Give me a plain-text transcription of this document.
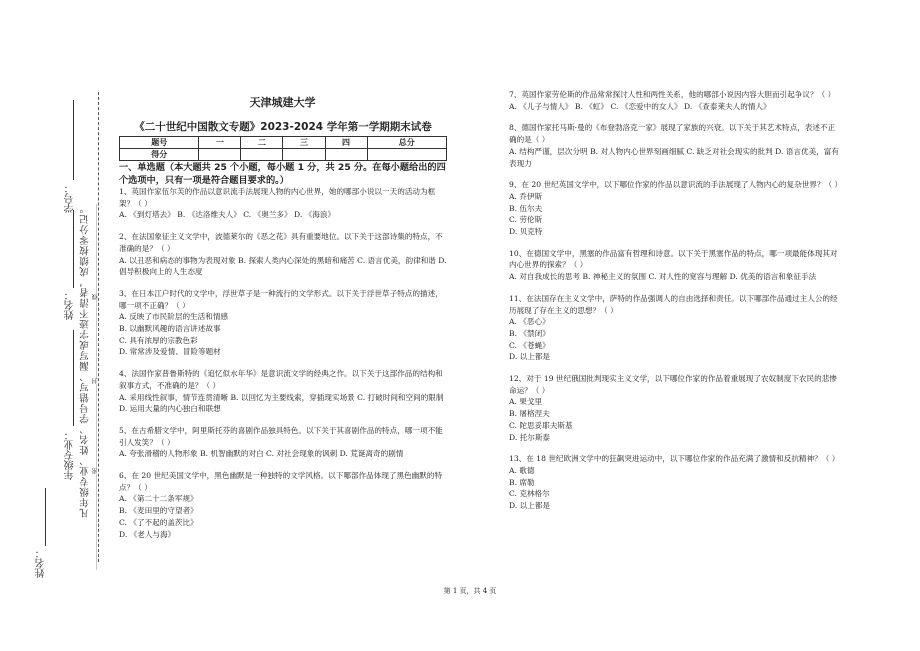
…………………………………………密……………………………………封…………………………………线………………………………………
凡年级专业、姓名、学号错写、漏写或字迹不清者，成绩按零分记。
学号：
姓名：
年级专业：
姓名：
天津城建大学
《二十世纪中国散文专题》2023-2024 学年第一学期期末试卷
题号	一	二	三	四	总分
得分					
一、单选题（本大题共 25 个小题，每小题 1 分，共 25 分。在每小题给出的四个选项中，只有一项是符合题目要求的。）

1、英国作家伍尔芙的作品以意识流手法展现人物的内心世界，她的哪部小说以一天的活动为框架？（ ）

A. 《到灯塔去》 B. 《达洛维夫人》 C. 《奥兰多》 D. 《海浪》

2、在法国象征主义文学中，波德莱尔的《恶之花》具有重要地位。以下关于这部诗集的特点，不准确的是？（ ）

A. 以丑恶和病态的事物为表现对象 B. 探索人类内心深处的黑暗和痛苦 C. 语言优美，韵律和谐 D. 倡导积极向上的人生态度

3、在日本江户时代的文学中，浮世草子是一种流行的文学形式。以下关于浮世草子特点的描述，哪一项不正确？（ ）

A. 反映了市民阶层的生活和情感

B. 以幽默风趣的语言讲述故事

C. 具有浓厚的宗教色彩

D. 常常涉及爱情、冒险等题材

4、法国作家普鲁斯特的《追忆似水年华》是意识流文学的经典之作。以下关于这部作品的结构和叙事方式，不准确的是？（ ）

A. 采用线性叙事，情节连贯清晰 B. 以回忆为主要线索，穿插现实场景 C. 打破时间和空间的限制 D. 运用大量的内心独白和联想

5、在古希腊文学中，阿里斯托芬的喜剧作品独具特色。以下关于其喜剧作品的特点，哪一项不能引人发笑？（ ）

A. 夸张滑稽的人物形象 B. 机智幽默的对白 C. 对社会现象的讽刺 D. 荒诞离奇的剧情

6、在 20 世纪美国文学中，黑色幽默是一种独特的文学风格。以下哪部作品体现了黑色幽默的特点？（ ）

A. 《第二十二条军规》

B. 《麦田里的守望者》

C. 《了不起的盖茨比》

D. 《老人与海》

7、英国作家劳伦斯的作品常常探讨人性和两性关系，他的哪部小说因内容大胆而引起争议？（ ）

A. 《儿子与情人》 B. 《虹》 C. 《恋爱中的女人》 D. 《查泰莱夫人的情人》

8、德国作家托马斯·曼的《布登勃洛克一家》展现了家族的兴衰。以下关于其艺术特点，表述不正确的是（ ）

A. 结构严谨，层次分明 B. 对人物内心世界刻画细腻 C. 缺乏对社会现实的批判 D. 语言优美，富有表现力

9、在 20 世纪英国文学中，以下哪位作家的作品以意识流的手法展现了人物内心的复杂世界？（ ）

A. 乔伊斯

B. 伍尔夫

C. 劳伦斯

D. 贝克特

10、在德国文学中，黑塞的作品富有哲理和诗意。以下关于黑塞作品的特点，哪一项最能体现其对内心世界的探索？（ ）

A. 对自我成长的思考 B. 神秘主义的氛围 C. 对人性的宽容与理解 D. 优美的语言和象征手法

11、在法国存在主义文学中，萨特的作品强调人的自由选择和责任。以下哪部作品通过主人公的经历展现了存在主义的思想？（ ）

A. 《恶心》

B. 《禁闭》

C. 《苍蝇》

D. 以上都是

12、对于 19 世纪俄国批判现实主义文学，以下哪位作家的作品着重展现了农奴制度下农民的悲惨命运？（ ）

A. 果戈里

B. 屠格涅夫

C. 陀思妥耶夫斯基

D. 托尔斯泰

13、在 18 世纪欧洲文学中的狂飙突进运动中，以下哪位作家的作品充满了激情和反抗精神？（ ）

A. 歌德

B. 席勒

C. 克林格尔

D. 以上都是

第 1 页，共 4 页
